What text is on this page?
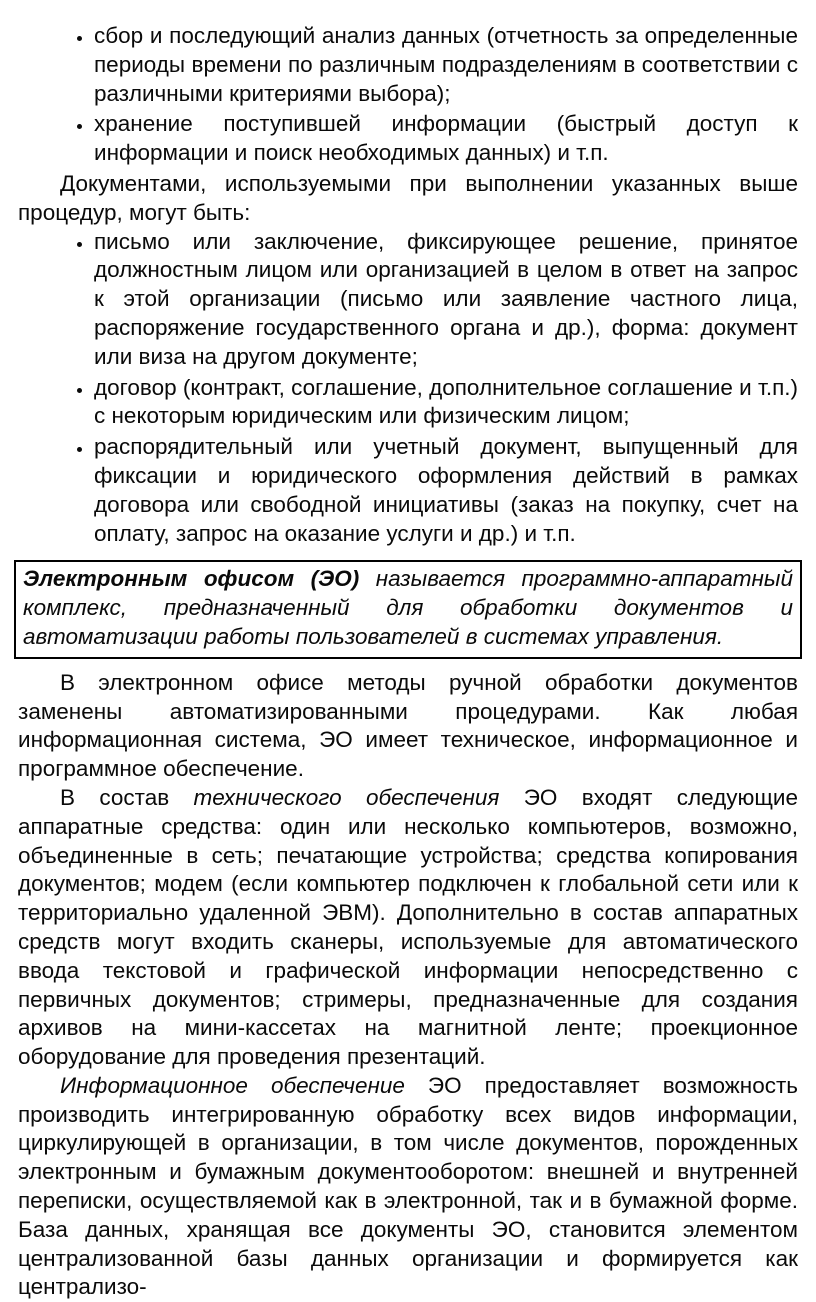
• сбор и последующий анализ данных (отчетность за определенные периоды времени по различным подразделениям в соответствии с различными критериями выбора);
• хранение поступившей информации (быстрый доступ к информации и поиск необходимых данных) и т.п.

Документами, используемыми при выполнении указанных выше процедур, могут быть:

• письмо или заключение, фиксирующее решение, принятое должностным лицом или организацией в целом в ответ на запрос к этой организации (письмо или заявление частного лица, распоряжение государственного органа и др.), форма: документ или виза на другом документе;
• договор (контракт, соглашение, дополнительное соглашение и т.п.) с некоторым юридическим или физическим лицом;
• распорядительный или учетный документ, выпущенный для фиксации и юридического оформления действий в рамках договора или свободной инициативы (заказ на покупку, счет на оплату, запрос на оказание услуги и др.) и т.п.
Электронным офисом (ЭО) называется программно-аппаратный комплекс, предназначенный для обработки документов и автоматизации работы пользователей в системах управления.

В электронном офисе методы ручной обработки документов заменены автоматизированными процедурами. Как любая информационная система, ЭО имеет техническое, информационное и программное обеспечение.

В состав технического обеспечения ЭО входят следующие аппаратные средства: один или несколько компьютеров, возможно, объединенные в сеть; печатающие устройства; средства копирования документов; модем (если компьютер подключен к глобальной сети или к территориально удаленной ЭВМ). Дополнительно в состав аппаратных средств могут входить сканеры, используемые для автоматического ввода текстовой и графической информации непосредственно с первичных документов; стримеры, предназначенные для создания архивов на мини-кассетах на магнитной ленте; проекционное оборудование для проведения презентаций.

Информационное обеспечение ЭО предоставляет возможность производить интегрированную обработку всех видов информации, циркулирующей в организации, в том числе документов, порожденных электронным и бумажным документооборотом: внешней и внутренней переписки, осуществляемой как в электронной, так и в бумажной форме. База данных, хранящая все документы ЭО, становится элементом централизованной базы данных организации и формируется как централизо-
